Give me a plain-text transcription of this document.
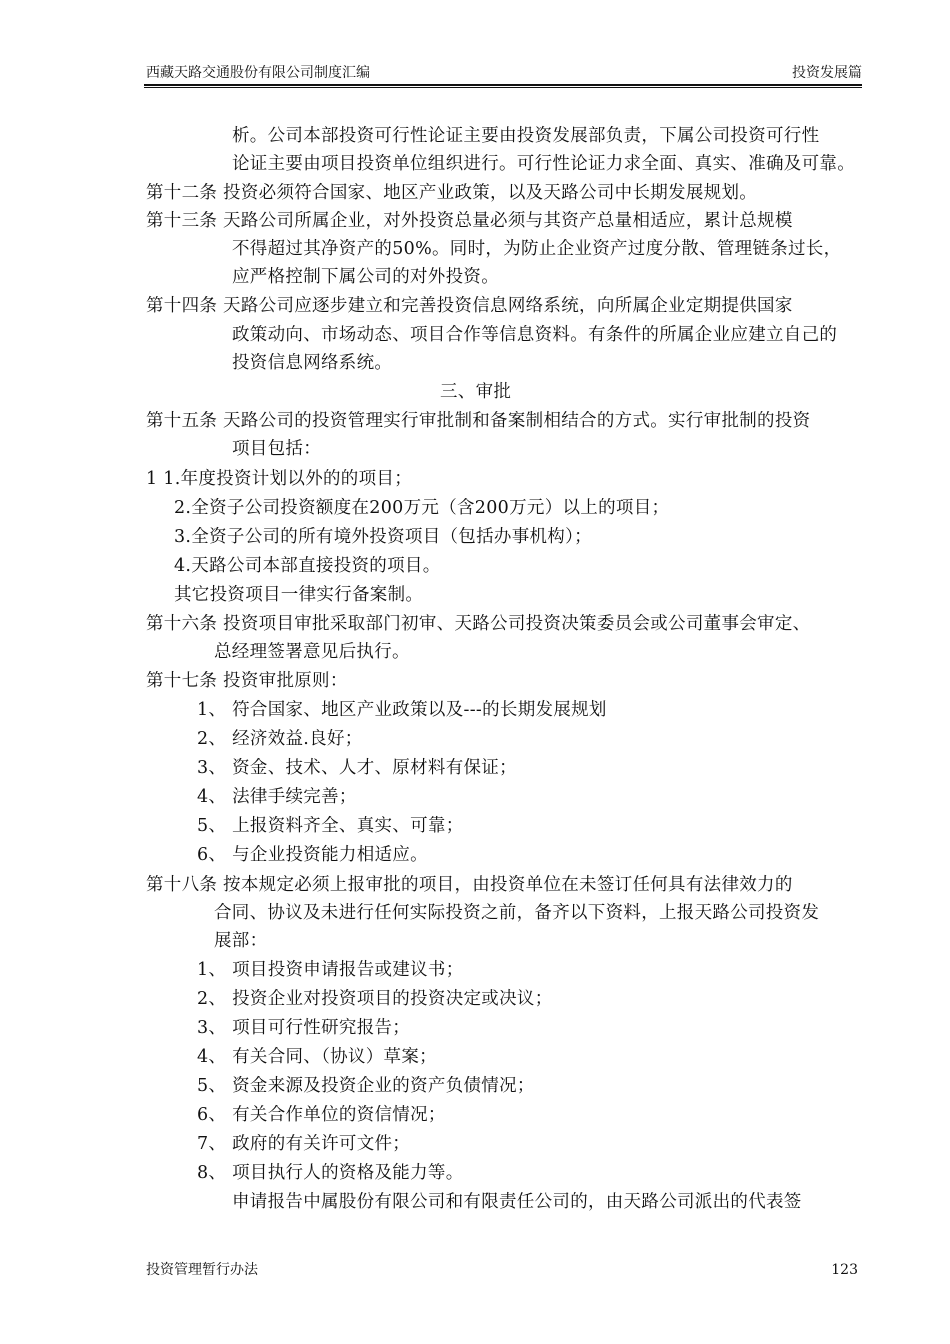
西藏天路交通股份有限公司制度汇编	投资发展篇
析。公司本部投资可行性论证主要由投资发展部负责，下属公司投资可行性
论证主要由项目投资单位组织进行。可行性论证力求全面、真实、准确及可靠。
第十二条 投资必须符合国家、地区产业政策，以及天路公司中长期发展规划。
第十三条 天路公司所属企业，对外投资总量必须与其资产总量相适应，累计总规模
不得超过其净资产的50%。同时，为防止企业资产过度分散、管理链条过长，
应严格控制下属公司的对外投资。
第十四条 天路公司应逐步建立和完善投资信息网络系统，向所属企业定期提供国家
政策动向、市场动态、项目合作等信息资料。有条件的所属企业应建立自己的
投资信息网络系统。
三、审批
第十五条 天路公司的投资管理实行审批制和备案制相结合的方式。实行审批制的投资
项目包括：
1 1.年度投资计划以外的的项目；
2.全资子公司投资额度在200万元（含200万元）以上的项目；
3.全资子公司的所有境外投资项目（包括办事机构）；
4.天路公司本部直接投资的项目。
其它投资项目一律实行备案制。
第十六条 投资项目审批采取部门初审、天路公司投资决策委员会或公司董事会审定、
总经理签署意见后执行。
第十七条 投资审批原则：
1、 符合国家、地区产业政策以及---的长期发展规划
2、 经济效益.良好；
3、 资金、技术、人才、原材料有保证；
4、 法律手续完善；
5、 上报资料齐全、真实、可靠；
6、 与企业投资能力相适应。
第十八条 按本规定必须上报审批的项目，由投资单位在未签订任何具有法律效力的
合同、协议及未进行任何实际投资之前，备齐以下资料，上报天路公司投资发
展部：
1、 项目投资申请报告或建议书；
2、 投资企业对投资项目的投资决定或决议；
3、 项目可行性研究报告；
4、 有关合同、（协议）草案；
5、 资金来源及投资企业的资产负债情况；
6、 有关合作单位的资信情况；
7、 政府的有关许可文件；
8、 项目执行人的资格及能力等。
申请报告中属股份有限公司和有限责任公司的，由天路公司派出的代表签
投资管理暂行办法	123
